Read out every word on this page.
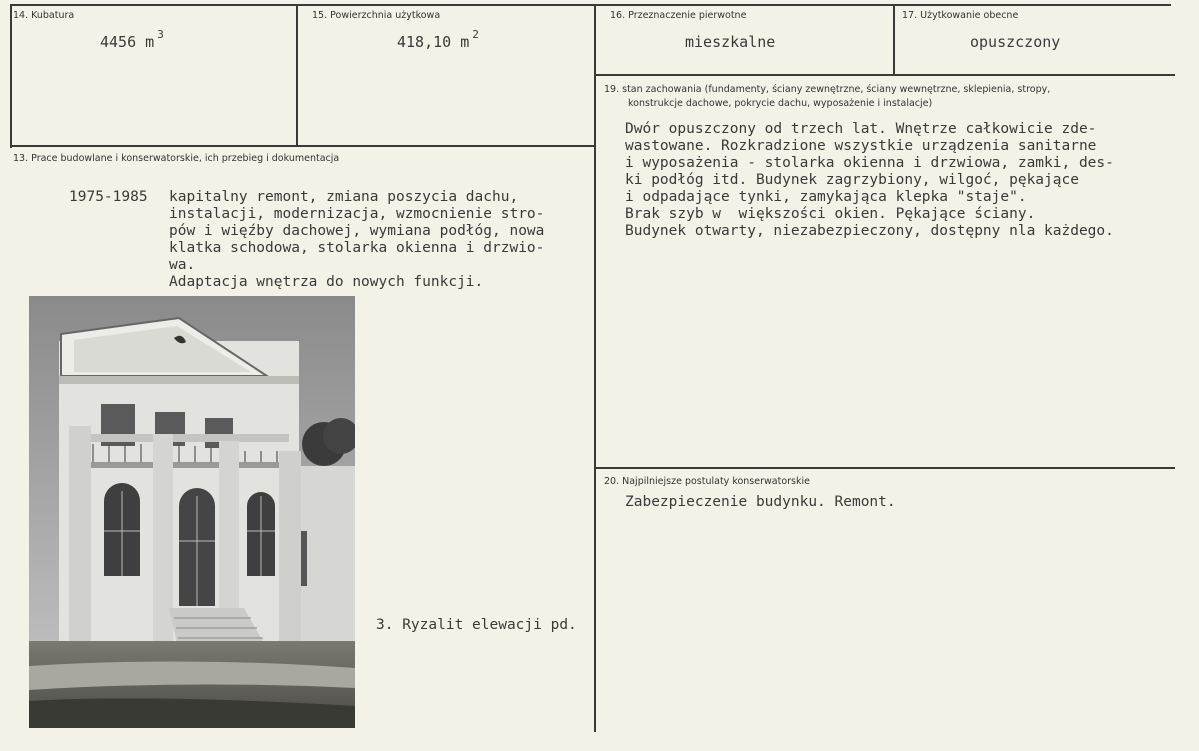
14. Kubatura
4456 m $^3$
15. Powierzchnia użytkowa
418,10 m $^2$
16. Przeznaczenie pierwotne
mieszkalne
17. Użytkowanie obecne
opuszczony
19. stan zachowania (fundamenty, ściany zewnętrzne, ściany wewnętrzne, sklepienia, stropy,
konstrukcje dachowe, pokrycie dachu, wyposażenie i instalacje)
Dwór opuszczony od trzech lat. Wnętrze całkowicie zde-
wastowane. Rozkradzione wszystkie urządzenia sanitarne
i wyposażenia - stolarka okienna i drzwiowa, zamki, des-
ki podłóg itd. Budynek zagrzybiony, wilgoć, pękające
i odpadające tynki, zamykająca klepka "staje".
Brak szyb w  większości okien. Pękające ściany.
Budynek otwarty, niezabezpieczony, dostępny nla każdego.
13. Prace budowlane i konserwatorskie, ich przebieg i dokumentacja
1975-1985 kapitalny remont, zmiana poszycia dachu,
instalacji, modernizacja, wzmocnienie stro-
pów i więźby dachowej, wymiana podłóg, nowa
klatka schodowa, stolarka okienna i drzwio-
wa.
Adaptacja wnętrza do nowych funkcji.
20. Najpilniejsze postulaty konserwatorskie
Zabezpieczenie budynku. Remont.
3. Ryzalit elewacji pd.
